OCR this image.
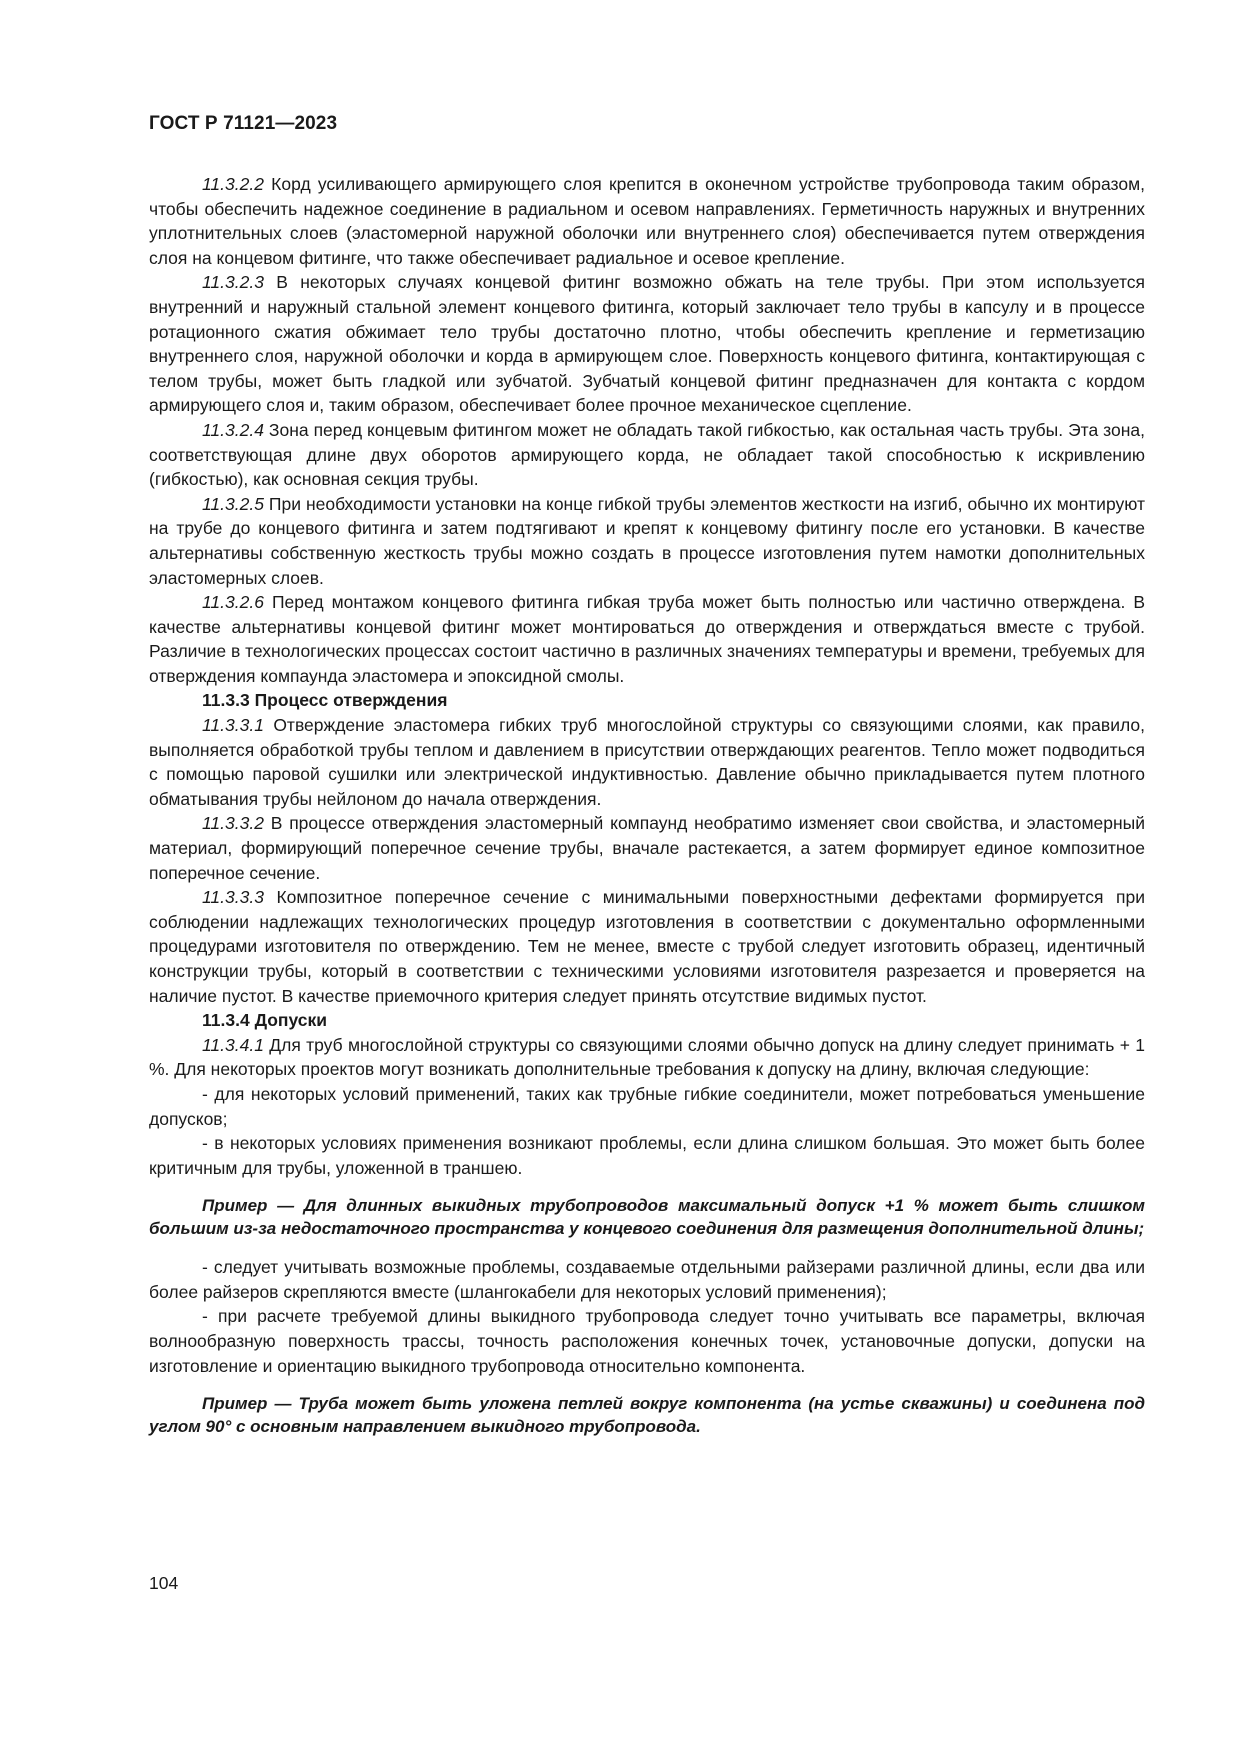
ГОСТ Р 71121—2023

11.3.2.2 Корд усиливающего армирующего слоя крепится в оконечном устройстве трубопровода таким образом, чтобы обеспечить надежное соединение в радиальном и осевом направлениях. Герметичность наружных и внутренних уплотнительных слоев (эластомерной наружной оболочки или внутреннего слоя) обеспечивается путем отверждения слоя на концевом фитинге, что также обеспечивает радиальное и осевое крепление.

11.3.2.3 В некоторых случаях концевой фитинг возможно обжать на теле трубы. При этом используется внутренний и наружный стальной элемент концевого фитинга, который заключает тело трубы в капсулу и в процессе ротационного сжатия обжимает тело трубы достаточно плотно, чтобы обеспечить крепление и герметизацию внутреннего слоя, наружной оболочки и корда в армирующем слое. Поверхность концевого фитинга, контактирующая с телом трубы, может быть гладкой или зубчатой. Зубчатый концевой фитинг предназначен для контакта с кордом армирующего слоя и, таким образом, обеспечивает более прочное механическое сцепление.

11.3.2.4 Зона перед концевым фитингом может не обладать такой гибкостью, как остальная часть трубы. Эта зона, соответствующая длине двух оборотов армирующего корда, не обладает такой способностью к искривлению (гибкостью), как основная секция трубы.

11.3.2.5 При необходимости установки на конце гибкой трубы элементов жесткости на изгиб, обычно их монтируют на трубе до концевого фитинга и затем подтягивают и крепят к концевому фитингу после его установки. В качестве альтернативы собственную жесткость трубы можно создать в процессе изготовления путем намотки дополнительных эластомерных слоев.

11.3.2.6 Перед монтажом концевого фитинга гибкая труба может быть полностью или частично отверждена. В качестве альтернативы концевой фитинг может монтироваться до отверждения и отверждаться вместе с трубой. Различие в технологических процессах состоит частично в различных значениях температуры и времени, требуемых для отверждения компаунда эластомера и эпоксидной смолы.

11.3.3 Процесс отверждения

11.3.3.1 Отверждение эластомера гибких труб многослойной структуры со связующими слоями, как правило, выполняется обработкой трубы теплом и давлением в присутствии отверждающих реагентов. Тепло может подводиться с помощью паровой сушилки или электрической индуктивностью. Давление обычно прикладывается путем плотного обматывания трубы нейлоном до начала отверждения.

11.3.3.2 В процессе отверждения эластомерный компаунд необратимо изменяет свои свойства, и эластомерный материал, формирующий поперечное сечение трубы, вначале растекается, а затем формирует единое композитное поперечное сечение.

11.3.3.3 Композитное поперечное сечение с минимальными поверхностными дефектами формируется при соблюдении надлежащих технологических процедур изготовления в соответствии с документально оформленными процедурами изготовителя по отверждению. Тем не менее, вместе с трубой следует изготовить образец, идентичный конструкции трубы, который в соответствии с техническими условиями изготовителя разрезается и проверяется на наличие пустот. В качестве приемочного критерия следует принять отсутствие видимых пустот.

11.3.4 Допуски

11.3.4.1 Для труб многослойной структуры со связующими слоями обычно допуск на длину следует принимать + 1 %. Для некоторых проектов могут возникать дополнительные требования к допуску на длину, включая следующие:

- для некоторых условий применений, таких как трубные гибкие соединители, может потребоваться уменьшение допусков;

- в некоторых условиях применения возникают проблемы, если длина слишком большая. Это может быть более критичным для трубы, уложенной в траншею.

Пример — Для длинных выкидных трубопроводов максимальный допуск +1 % может быть слишком большим из-за недостаточного пространства у концевого соединения для размещения дополнительной длины;

- следует учитывать возможные проблемы, создаваемые отдельными райзерами различной длины, если два или более райзеров скрепляются вместе (шлангокабели для некоторых условий применения);

- при расчете требуемой длины выкидного трубопровода следует точно учитывать все параметры, включая волнообразную поверхность трассы, точность расположения конечных точек, установочные допуски, допуски на изготовление и ориентацию выкидного трубопровода относительно компонента.

Пример — Труба может быть уложена петлей вокруг компонента (на устье скважины) и соединена под углом 90° с основным направлением выкидного трубопровода.

104
